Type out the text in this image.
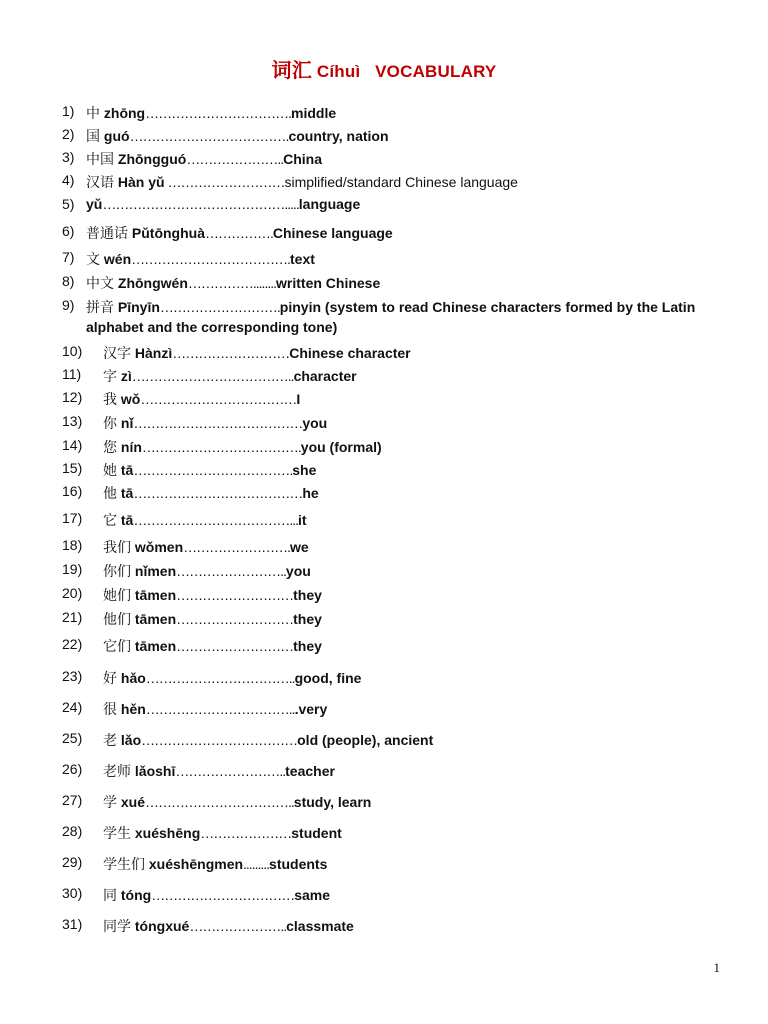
词汇 Cíhuì VOCABULARY
1) 中 zhōng…………………………….middle
2) 国 guó……………………………….country, nation
3) 中国 Zhōngguó…………………..China
4) 汉语 Hàn yǔ ………………………simplified/standard Chinese language
5) yǔ…………………………………….....language
6) 普通话 Pǔtōnghuà…………….Chinese language
7) 文 wén……………………………….text
8) 中文 Zhōngwén……………........written Chinese
9) 拼音 Pīnyīn……………………….pinyin (system to read Chinese characters formed by the Latin
alphabet and the corresponding tone)
10) 汉字 Hànzì………………………Chinese character
11) 字 zì………………………………..character
12) 我 wǒ………………………………I
13) 你 nǐ…………………………………you
14) 您 nín……………………………….you (formal)
15) 她 tā……………………………….she
16) 他 tā…………………………………he
17) 它 tā………………………………...it
18) 我们 wǒmen…………………….we
19) 你们 nǐmen……………………..you
20) 她们 tāmen………………………they
21) 他们 tāmen………………………they
22) 它们 tāmen………………………they
23) 好 hǎo……………………………..good, fine
24) 很 hěn……………………………...very
25) 老 lǎo………………………………old (people), ancient
26) 老师 lǎoshī……………………..teacher
27) 学 xué……………………………..study, learn
28) 学生 xuéshēng…………………student
29) 学生们 xuéshēngmen.........students
30) 同 tóng……………………………same
31) 同学 tóngxué…………………..classmate
1
